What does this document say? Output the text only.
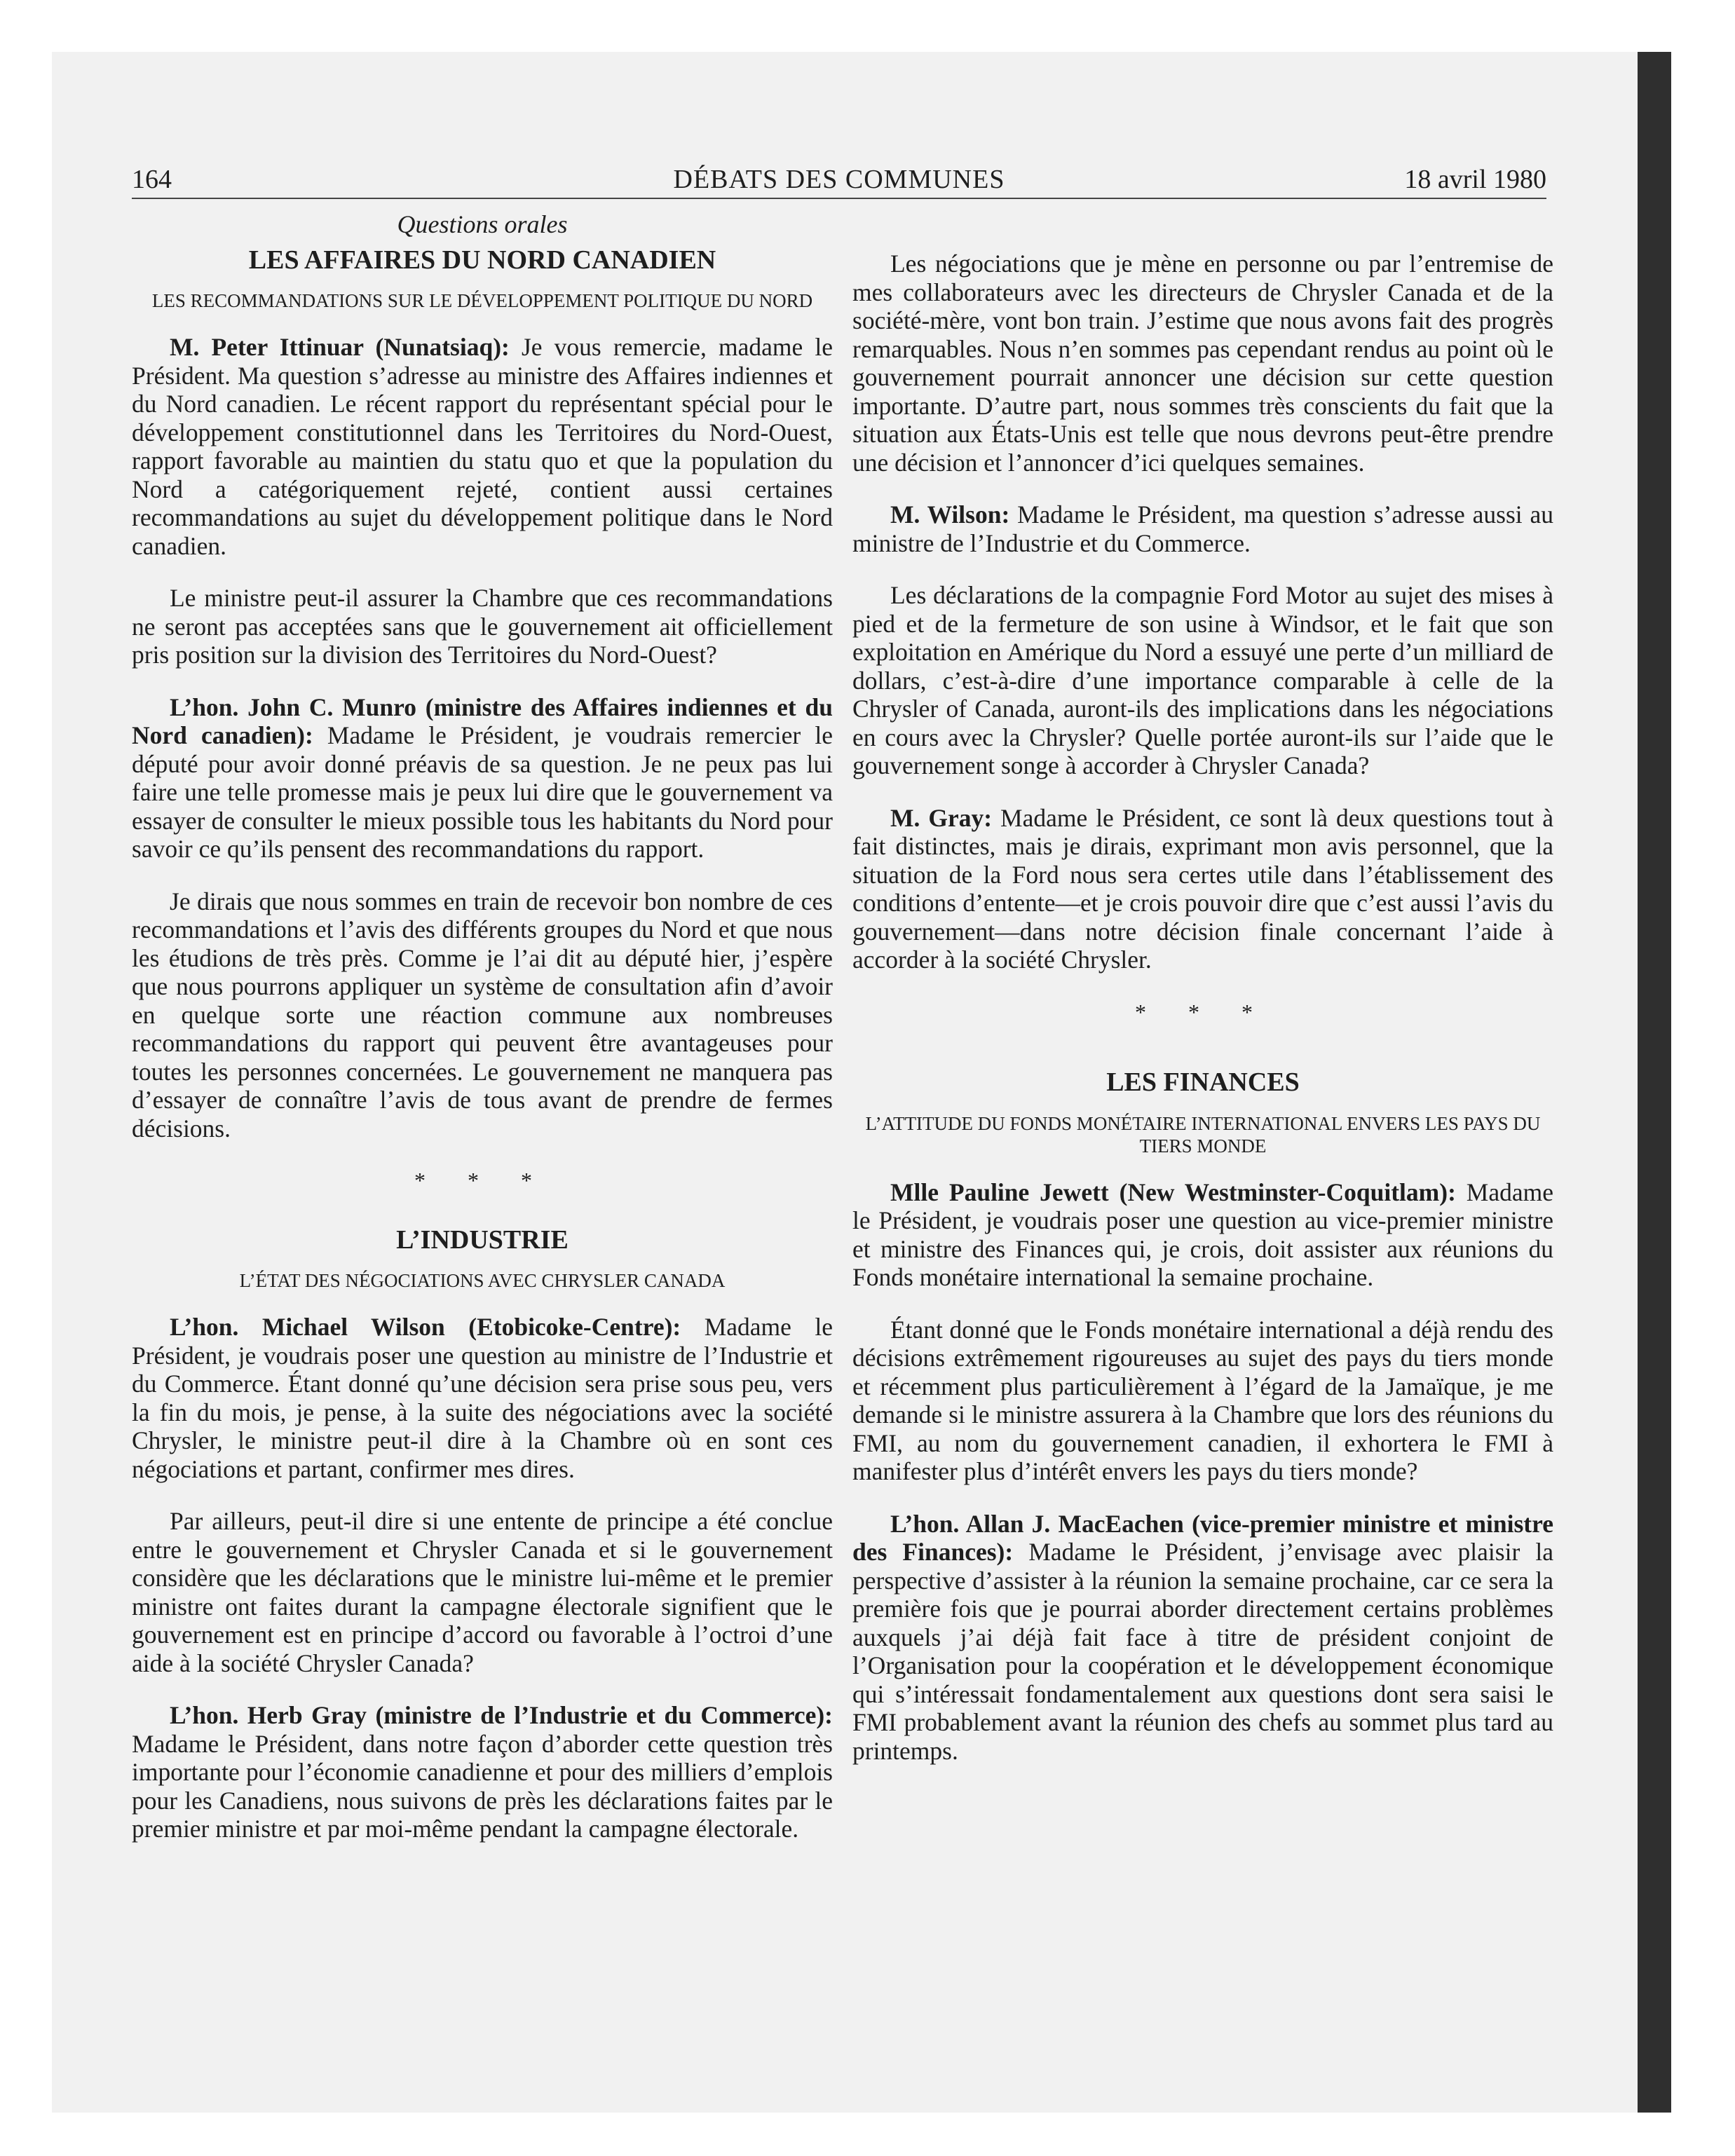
164	DÉBATS DES COMMUNES	18 avril 1980
Questions orales
LES AFFAIRES DU NORD CANADIEN
LES RECOMMANDATIONS SUR LE DÉVELOPPEMENT POLITIQUE DU NORD

M. Peter Ittinuar (Nunatsiaq): Je vous remercie, madame le Président. Ma question s’adresse au ministre des Affaires indiennes et du Nord canadien. Le récent rapport du représentant spécial pour le développement constitutionnel dans les Territoires du Nord-Ouest, rapport favorable au maintien du statu quo et que la population du Nord a catégoriquement rejeté, contient aussi certaines recommandations au sujet du développement politique dans le Nord canadien.

Le ministre peut-il assurer la Chambre que ces recommandations ne seront pas acceptées sans que le gouvernement ait officiellement pris position sur la division des Territoires du Nord-Ouest?

L’hon. John C. Munro (ministre des Affaires indiennes et du Nord canadien): Madame le Président, je voudrais remercier le député pour avoir donné préavis de sa question. Je ne peux pas lui faire une telle promesse mais je peux lui dire que le gouvernement va essayer de consulter le mieux possible tous les habitants du Nord pour savoir ce qu’ils pensent des recommandations du rapport.

Je dirais que nous sommes en train de recevoir bon nombre de ces recommandations et l’avis des différents groupes du Nord et que nous les étudions de très près. Comme je l’ai dit au député hier, j’espère que nous pourrons appliquer un système de consultation afin d’avoir en quelque sorte une réaction commune aux nombreuses recommandations du rapport qui peuvent être avantageuses pour toutes les personnes concernées. Le gouvernement ne manquera pas d’essayer de connaître l’avis de tous avant de prendre de fermes décisions.

* * *
L’INDUSTRIE
L’ÉTAT DES NÉGOCIATIONS AVEC CHRYSLER CANADA

L’hon. Michael Wilson (Etobicoke-Centre): Madame le Président, je voudrais poser une question au ministre de l’Industrie et du Commerce. Étant donné qu’une décision sera prise sous peu, vers la fin du mois, je pense, à la suite des négociations avec la société Chrysler, le ministre peut-il dire à la Chambre où en sont ces négociations et partant, confirmer mes dires.

Par ailleurs, peut-il dire si une entente de principe a été conclue entre le gouvernement et Chrysler Canada et si le gouvernement considère que les déclarations que le ministre lui-même et le premier ministre ont faites durant la campagne électorale signifient que le gouvernement est en principe d’accord ou favorable à l’octroi d’une aide à la société Chrysler Canada?

L’hon. Herb Gray (ministre de l’Industrie et du Commerce): Madame le Président, dans notre façon d’aborder cette question très importante pour l’économie canadienne et pour des milliers d’emplois pour les Canadiens, nous suivons de près les déclarations faites par le premier ministre et par moi-même pendant la campagne électorale.

Les négociations que je mène en personne ou par l’entremise de mes collaborateurs avec les directeurs de Chrysler Canada et de la société-mère, vont bon train. J’estime que nous avons fait des progrès remarquables. Nous n’en sommes pas cependant rendus au point où le gouvernement pourrait annoncer une décision sur cette question importante. D’autre part, nous sommes très conscients du fait que la situation aux États-Unis est telle que nous devrons peut-être prendre une décision et l’annoncer d’ici quelques semaines.

M. Wilson: Madame le Président, ma question s’adresse aussi au ministre de l’Industrie et du Commerce.

Les déclarations de la compagnie Ford Motor au sujet des mises à pied et de la fermeture de son usine à Windsor, et le fait que son exploitation en Amérique du Nord a essuyé une perte d’un milliard de dollars, c’est-à-dire d’une importance comparable à celle de la Chrysler of Canada, auront-ils des implications dans les négociations en cours avec la Chrysler? Quelle portée auront-ils sur l’aide que le gouvernement songe à accorder à Chrysler Canada?

M. Gray: Madame le Président, ce sont là deux questions tout à fait distinctes, mais je dirais, exprimant mon avis personnel, que la situation de la Ford nous sera certes utile dans l’établissement des conditions d’entente—et je crois pouvoir dire que c’est aussi l’avis du gouvernement—dans notre décision finale concernant l’aide à accorder à la société Chrysler.

* * *
LES FINANCES
L’ATTITUDE DU FONDS MONÉTAIRE INTERNATIONAL ENVERS LES PAYS DU TIERS MONDE

Mlle Pauline Jewett (New Westminster-Coquitlam): Madame le Président, je voudrais poser une question au vice-premier ministre et ministre des Finances qui, je crois, doit assister aux réunions du Fonds monétaire international la semaine prochaine.

Étant donné que le Fonds monétaire international a déjà rendu des décisions extrêmement rigoureuses au sujet des pays du tiers monde et récemment plus particulièrement à l’égard de la Jamaïque, je me demande si le ministre assurera à la Chambre que lors des réunions du FMI, au nom du gouvernement canadien, il exhortera le FMI à manifester plus d’intérêt envers les pays du tiers monde?

L’hon. Allan J. MacEachen (vice-premier ministre et ministre des Finances): Madame le Président, j’envisage avec plaisir la perspective d’assister à la réunion la semaine prochaine, car ce sera la première fois que je pourrai aborder directement certains problèmes auxquels j’ai déjà fait face à titre de président conjoint de l’Organisation pour la coopération et le développement économique qui s’intéressait fondamentalement aux questions dont sera saisi le FMI probablement avant la réunion des chefs au sommet plus tard au printemps.
